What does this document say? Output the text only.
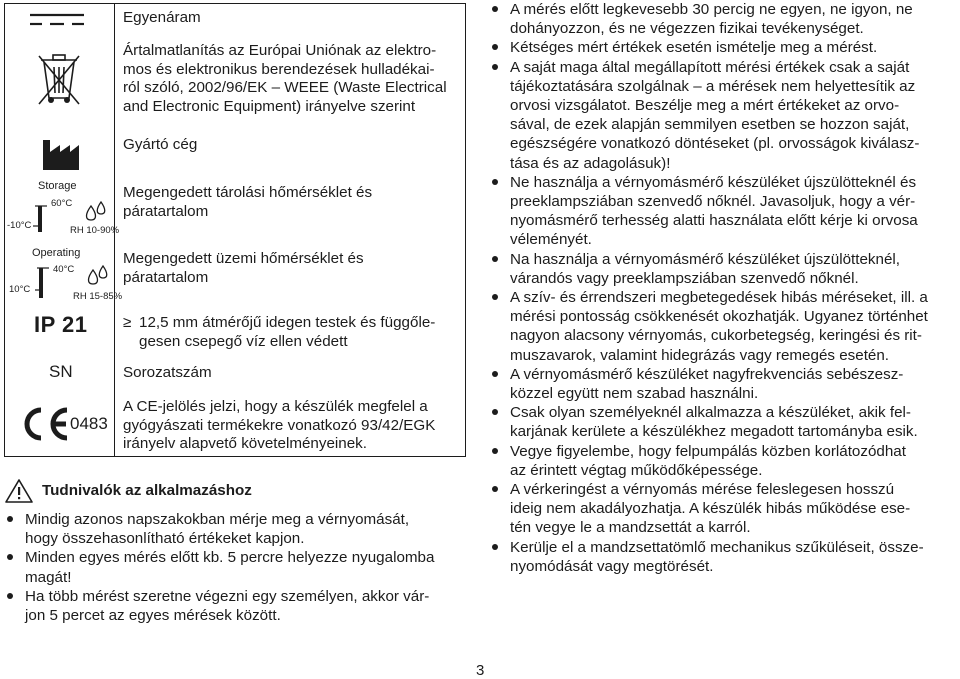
Egyenáram
Ártalmatlanítás az Európai Uniónak az elektro-
mos és elektronikus berendezések hulladékai-
ról szóló, 2002/96/EK – WEEE (Waste Electrical
and Electronic Equipment) irányelve szerint
Gyártó cég
Storage
60°C
-10°C	RH 10-90%
Megengedett tárolási hőmérséklet és
páratartalom
Operating
40°C
10°C
RH 15-85%
Megengedett üzemi hőmérséklet és
páratartalom
IP 21 ≥ 12,5 mm átmérőjű idegen testek és függőle-
gesen csepegő víz ellen védett
SN	Sorozatszám
0483
A CE-jelölés jelzi, hogy a készülék megfelel a
gyógyászati termékekre vonatkozó 93/42/EGK
irányelv alapvető követelményeinek.
Tudnivalók az alkalmazáshoz
Mindig azonos napszakokban mérje meg a vérnyomását,
hogy összehasonlítható értékeket kapjon.
Minden egyes mérés előtt kb. 5 percre helyezze nyugalomba
magát!
Ha több mérést szeretne végezni egy személyen, akkor vár-
jon 5 percet az egyes mérések között.
A mérés előtt legkevesebb 30 percig ne egyen, ne igyon, ne
dohányozzon, és ne végezzen fizikai tevékenységet.
Kétséges mért értékek esetén ismételje meg a mérést.
A saját maga által megállapított mérési értékek csak a saját
tájékoztatására szolgálnak – a mérések nem helyettesítik az
orvosi vizsgálatot. Beszélje meg a mért értékeket az orvo-
sával, de ezek alapján semmilyen esetben se hozzon saját,
egészségére vonatkozó döntéseket (pl. orvosságok kiválasz-
tása és az adagolásuk)!
Ne használja a vérnyomásmérő készüléket újszülötteknél és
preeklampsziában szenvedő nőknél. Javasoljuk, hogy a vér-
nyomásmérő terhesség alatti használata előtt kérje ki orvosa
véleményét.
Na használja a vérnyomásmérő készüléket újszülötteknél,
várandós vagy preeklampsziában szenvedő nőknél.
A szív- és érrendszeri megbetegedések hibás méréseket, ill. a
mérési pontosság csökkenését okozhatják. Ugyanez történhet
nagyon alacsony vérnyomás, cukorbetegség, keringési és rit-
muszavarok, valamint hidegrázás vagy remegés esetén.
A vérnyomásmérő készüléket nagyfrekvenciás sebészesz-
közzel együtt nem szabad használni.
Csak olyan személyeknél alkalmazza a készüléket, akik fel-
karjának kerülete a készülékhez megadott tartományba esik.
Vegye figyelembe, hogy felpumpálás közben korlátozódhat
az érintett végtag működőképessége.
A vérkeringést a vérnyomás mérése feleslegesen hosszú
ideig nem akadályozhatja. A készülék hibás működése ese-
tén vegye le a mandzsettát a karról.
Kerülje el a mandzsettatömlő mechanikus szűküléseit, össze-
nyomódását vagy megtörését.
3
